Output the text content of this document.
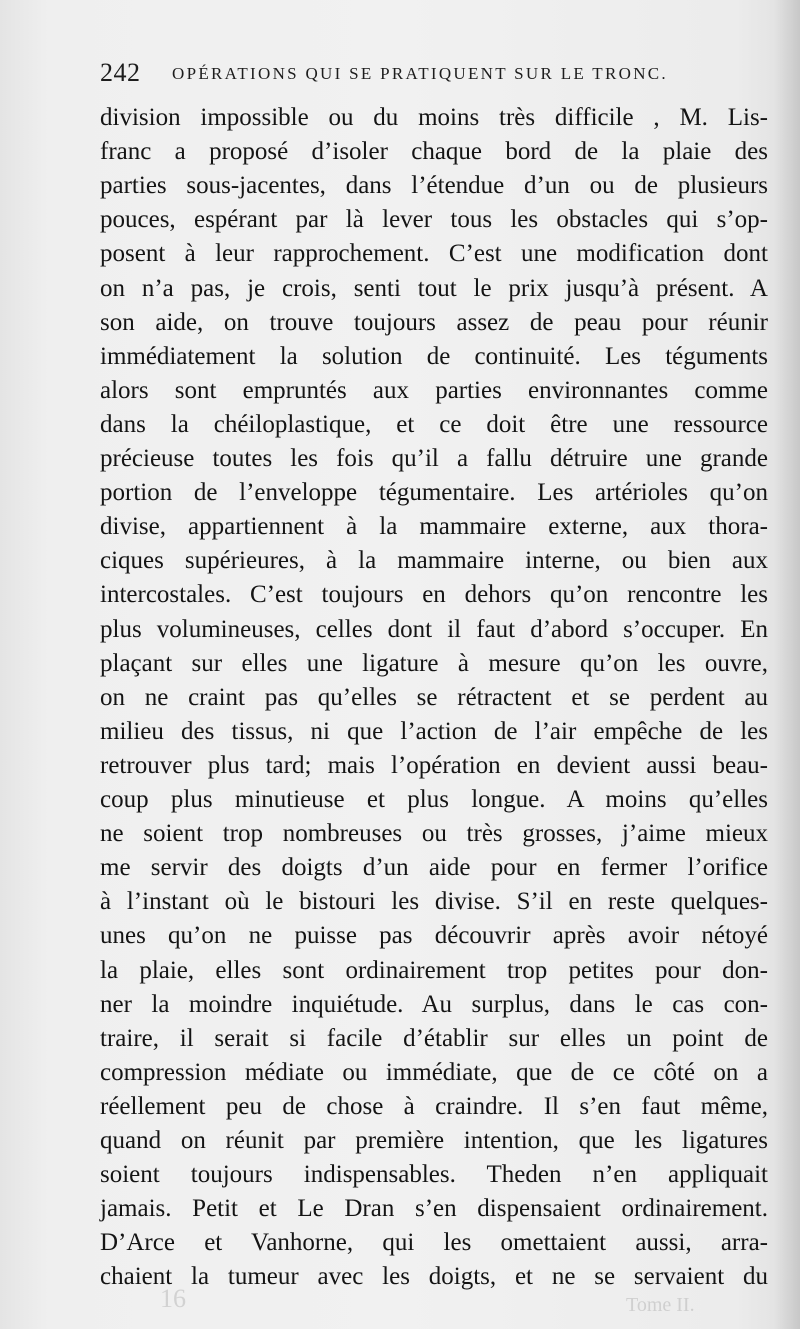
242 OPÉRATIONS QUI SE PRATIQUENT SUR LE TRONC.
division impossible ou du moins très difficile , M. Lis-
franc a proposé d’isoler chaque bord de la plaie des
parties sous-jacentes, dans l’étendue d’un ou de plusieurs
pouces, espérant par là lever tous les obstacles qui s’op-
posent à leur rapprochement. C’est une modification dont
on n’a pas, je crois, senti tout le prix jusqu’à présent. A
son aide, on trouve toujours assez de peau pour réunir
immédiatement la solution de continuité. Les téguments
alors sont empruntés aux parties environnantes comme
dans la chéiloplastique, et ce doit être une ressource
précieuse toutes les fois qu’il a fallu détruire une grande
portion de l’enveloppe tégumentaire. Les artérioles qu’on
divise, appartiennent à la mammaire externe, aux thora-
ciques supérieures, à la mammaire interne, ou bien aux
intercostales. C’est toujours en dehors qu’on rencontre les
plus volumineuses, celles dont il faut d’abord s’occuper. En
plaçant sur elles une ligature à mesure qu’on les ouvre,
on ne craint pas qu’elles se rétractent et se perdent au
milieu des tissus, ni que l’action de l’air empêche de les
retrouver plus tard; mais l’opération en devient aussi beau-
coup plus minutieuse et plus longue. A moins qu’elles
ne soient trop nombreuses ou très grosses, j’aime mieux
me servir des doigts d’un aide pour en fermer l’orifice
à l’instant où le bistouri les divise. S’il en reste quelques-
unes qu’on ne puisse pas découvrir après avoir nétoyé
la plaie, elles sont ordinairement trop petites pour don-
ner la moindre inquiétude. Au surplus, dans le cas con-
traire, il serait si facile d’établir sur elles un point de
compression médiate ou immédiate, que de ce côté on a
réellement peu de chose à craindre. Il s’en faut même,
quand on réunit par première intention, que les ligatures
soient toujours indispensables. Theden n’en appliquait
jamais. Petit et Le Dran s’en dispensaient ordinairement.
D’Arce et Vanhorne, qui les omettaient aussi, arra-
chaient la tumeur avec les doigts, et ne se servaient du
16	Tome II.
